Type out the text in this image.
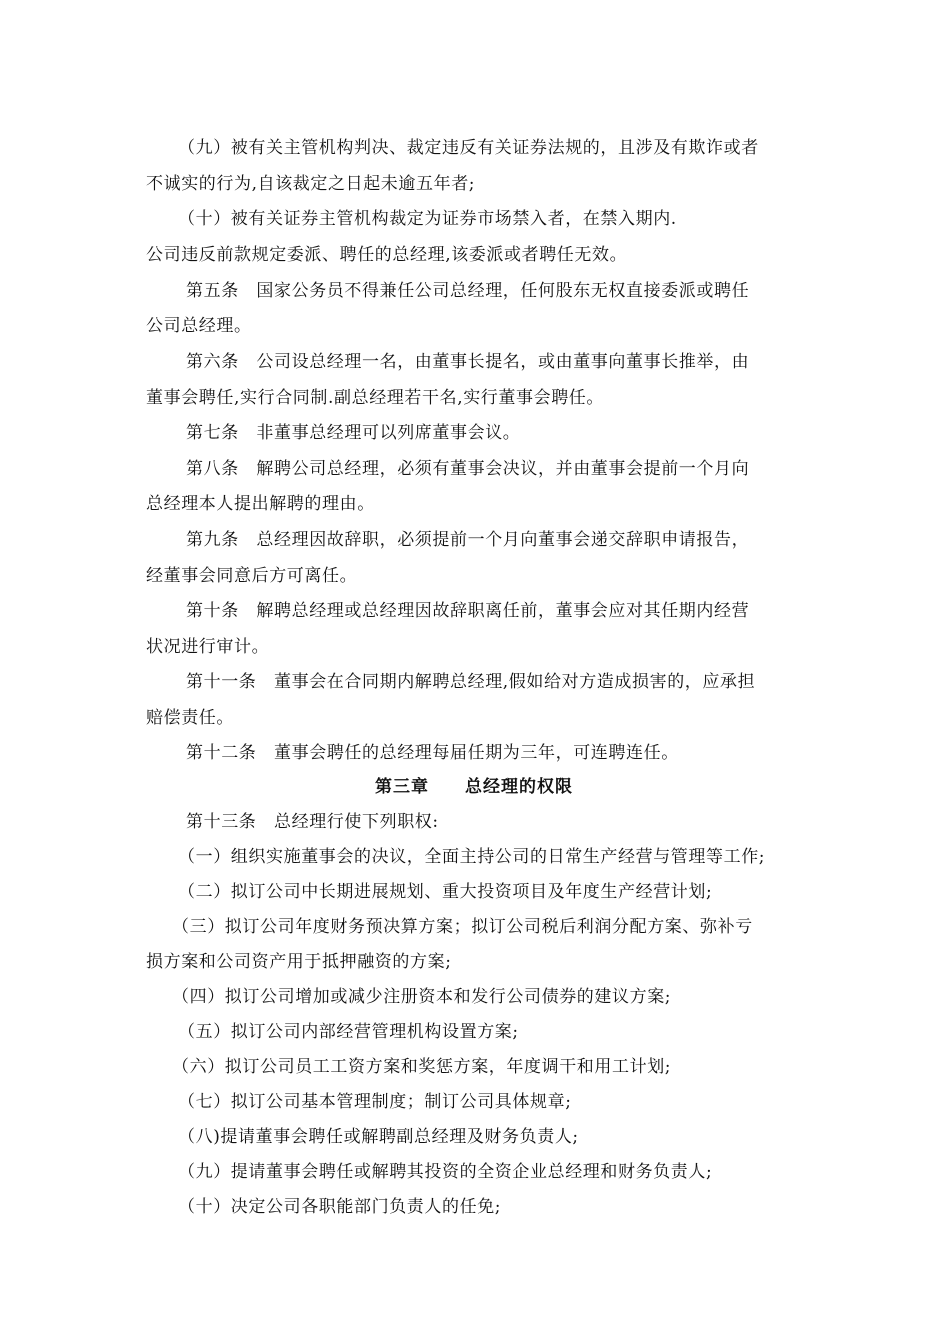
（九）被有关主管机构判决、裁定违反有关证券法规的，且涉及有欺诈或者
不诚实的行为,自该裁定之日起未逾五年者;
（十）被有关证券主管机构裁定为证券市场禁入者，在禁入期内.
公司违反前款规定委派、聘任的总经理,该委派或者聘任无效。
第五条　国家公务员不得兼任公司总经理，任何股东无权直接委派或聘任
公司总经理。
第六条　公司设总经理一名，由董事长提名，或由董事向董事长推举，由
董事会聘任,实行合同制.副总经理若干名,实行董事会聘任。
第七条　非董事总经理可以列席董事会议。
第八条　解聘公司总经理，必须有董事会决议，并由董事会提前一个月向
总经理本人提出解聘的理由。
第九条　总经理因故辞职，必须提前一个月向董事会递交辞职申请报告，
经董事会同意后方可离任。
第十条　解聘总经理或总经理因故辞职离任前，董事会应对其任期内经营
状况进行审计。
第十一条　董事会在合同期内解聘总经理,假如给对方造成损害的，应承担
赔偿责任。
第十二条　董事会聘任的总经理每届任期为三年，可连聘连任。
第三章　　总经理的权限
第十三条　总经理行使下列职权:
（一）组织实施董事会的决议，全面主持公司的日常生产经营与管理等工作;
（二）拟订公司中长期进展规划、重大投资项目及年度生产经营计划;
（三）拟订公司年度财务预决算方案；拟订公司税后利润分配方案、弥补亏
损方案和公司资产用于抵押融资的方案;
（四）拟订公司增加或减少注册资本和发行公司债券的建议方案;
（五）拟订公司内部经营管理机构设置方案;
（六）拟订公司员工工资方案和奖惩方案，年度调干和用工计划;
（七）拟订公司基本管理制度；制订公司具体规章;
（八)提请董事会聘任或解聘副总经理及财务负责人;
（九）提请董事会聘任或解聘其投资的全资企业总经理和财务负责人;
（十）决定公司各职能部门负责人的任免;
